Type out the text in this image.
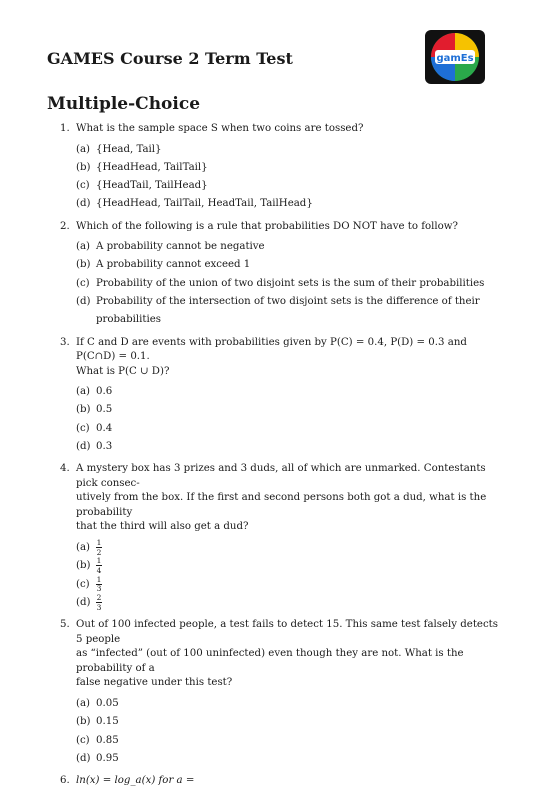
GAMES Course 2 Term Test	gamEs
Multiple-Choice
1. What is the sample space S when two coins are tossed?
(a) {Head, Tail}
(b) {HeadHead, TailTail}
(c) {HeadTail, TailHead}
(d) {HeadHead, TailTail, HeadTail, TailHead}
2. Which of the following is a rule that probabilities DO NOT have to follow?
(a) A probability cannot be negative
(b) A probability cannot exceed 1
(c) Probability of the union of two disjoint sets is the sum of their probabilities
(d) Probability of the intersection of two disjoint sets is the difference of their probabilities
3. If C and D are events with probabilities given by P(C) = 0.4, P(D) = 0.3 and P(C∩D) = 0.1.
What is P(C ∪ D)?
(a) 0.6
(b) 0.5
(c) 0.4
(d) 0.3
4. A mystery box has 3 prizes and 3 duds, all of which are unmarked. Contestants pick consec-
utively from the box. If the first and second persons both got a dud, what is the probability
that the third will also get a dud?
$(a) \frac{1}{2}$
$(b) \frac{1}{4}$
$(c) \frac{1}{3}$
$(d) \frac{2}{3}$
5. Out of 100 infected people, a test fails to detect 15. This same test falsely detects 5 people
as “infected” (out of 100 uninfected) even though they are not. What is the probability of a
false negative under this test?
(a) 0.05
(b) 0.15
(c) 0.85
(d) 0.95
6. ln(x) = log_a(x) for a =
